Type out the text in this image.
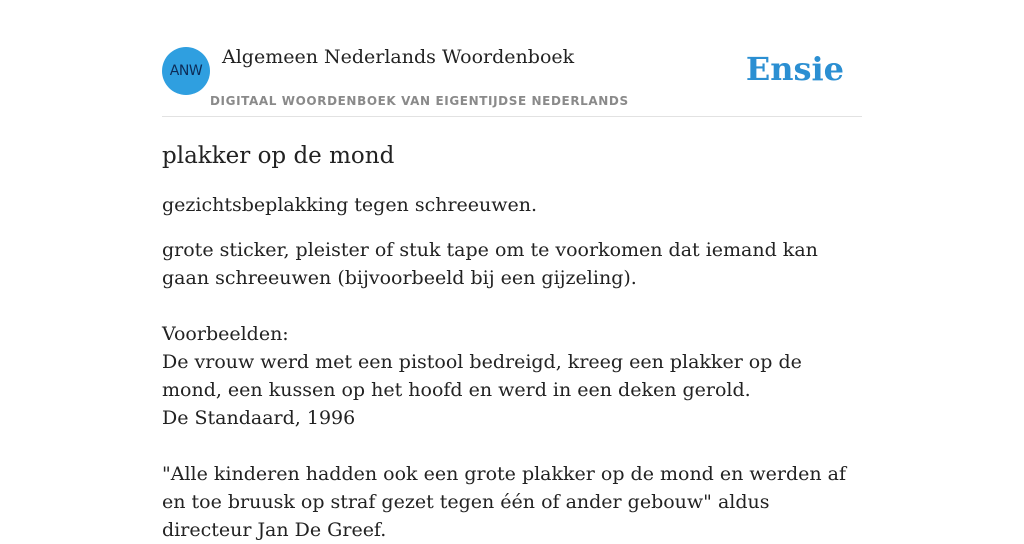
ANW
Algemeen Nederlands Woordenboek
DIGITAAL WOORDENBOEK VAN EIGENTIJDSE NEDERLANDS
Ensie
plakker op de mond

gezichtsbeplakking tegen schreeuwen.

grote sticker, pleister of stuk tape om te voorkomen dat iemand kan gaan schreeuwen (bijvoorbeeld bij een gijzeling).

Voorbeelden:
De vrouw werd met een pistool bedreigd, kreeg een plakker op de mond, een kussen op het hoofd en werd in een deken gerold.
De Standaard, 1996
"Alle kinderen hadden ook een grote plakker op de mond en werden af en toe bruusk op straf gezet tegen één of ander gebouw" aldus directeur Jan De Greef.
